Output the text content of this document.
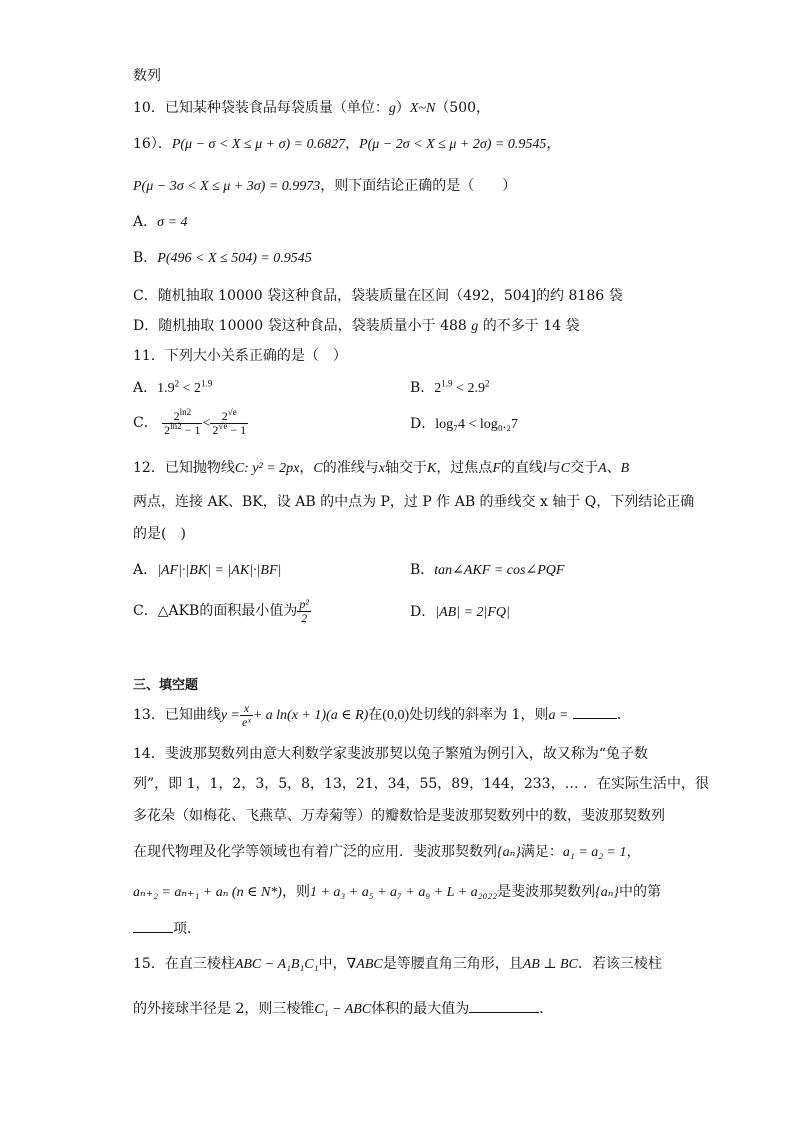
数列
10．已知某种袋装食品每袋质量（单位：g）X~N（500，
16）．P(μ − σ < X ≤ μ + σ) = 0.6827，P(μ − 2σ < X ≤ μ + 2σ) = 0.9545，
P(μ − 3σ < X ≤ μ + 3σ) = 0.9973，则下面结论正确的是（　　）
A．σ = 4
B．P(496 < X ≤ 504) = 0.9545
C．随机抽取 10000 袋这种食品，袋装质量在区间（492，504]的约 8186 袋
D．随机抽取 10000 袋这种食品，袋装质量小于 488 g 的不多于 14 袋
11．下列大小关系正确的是（　）
A．$1.9^2 < 2^{1.9}$	B．$2^{1.9} < 2.9^2$
C． $\frac{2^{ln2}}{2^{ln2} - 1} < \frac{2^{√e}}{2^{√e} - 1}$	D．log₇4 < log₀.₂7
12．已知抛物线C: y² = 2px，C的准线与x轴交于K，过焦点F的直线l与C交于A、B
两点，连接 AK、BK，设 AB 的中点为 P，过 P 作 AB 的垂线交 x 轴于 Q，下列结论正确
的是(　)
A．|AF|·|BK| = |AK|·|BF|	B．tan∠AKF = cos∠PQF
C．△AKB的面积最小值为 $\frac{\text{p²}}{2}$	D．|AB| = 2|FQ|
三、填空题
13．已知曲线$y = \frac{x}{\text{eˣ}} + a$ ln(x + 1)(a ∈ R)在(0,0)处切线的斜率为 1，则a =	．
14．斐波那契数列由意大利数学家斐波那契以兔子繁殖为例引入，故又称为“兔子数
列”，即 1，1，2，3，5，8，13，21，34，55，89，144，233，… ．在实际生活中，很
多花朵（如梅花、飞燕草、万寿菊等）的瓣数恰是斐波那契数列中的数，斐波那契数列
在现代物理及化学等领域也有着广泛的应用．斐波那契数列{aₙ}满足：a₁ = a₂ = 1，
aₙ₊₂ = aₙ₊₁ + aₙ (n ∈ N*)，则1 + a₃ + a₅ + a₇ + a₉ + L + a₂₀₂₂是斐波那契数列{aₙ}中的第
项．
15．在直三棱柱ABC − A₁B₁C₁中，∇ABC是等腰直角三角形，且AB ⊥ BC．若该三棱柱
的外接球半径是 2，则三棱锥C₁ − ABC体积的最大值为	．
